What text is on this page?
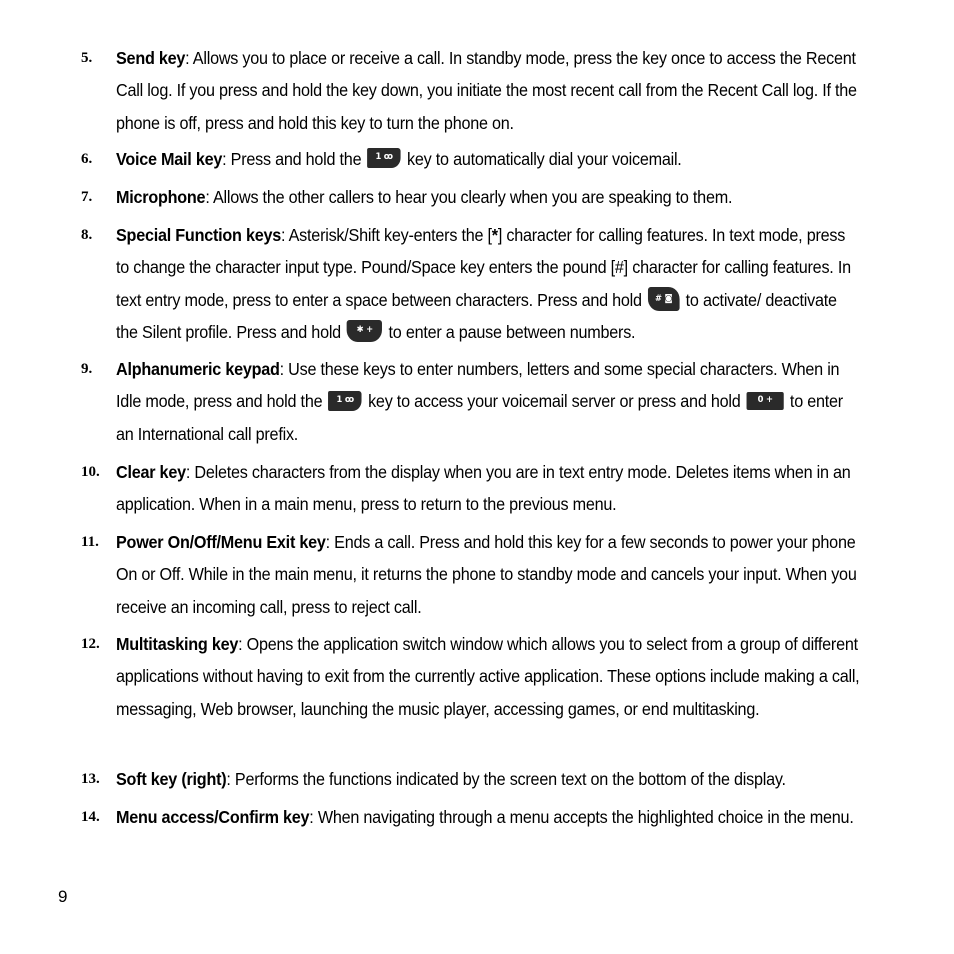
5.	Send key: Allows you to place or receive a call. In standby mode, press the key once to access the Recent Call log. If you press and hold the key down, you initiate the most recent call from the Recent Call log. If the phone is off, press and hold this key to turn the phone on.
6.	Voice Mail key: Press and hold the 1 ꝏ key to automatically dial your voicemail.
7.	Microphone: Allows the other callers to hear you clearly when you are speaking to them.
8.	Special Function keys: Asterisk/Shift key-enters the [*] character for calling features. In text mode, press to change the character input type. Pound/Space key enters the pound [#] character for calling features. In text entry mode, press to enter a space between characters. Press and hold # ◙ to activate/ deactivate the Silent profile. Press and hold ✱ + to enter a pause between numbers.
9.	Alphanumeric keypad: Use these keys to enter numbers, letters and some special characters. When in Idle mode, press and hold the 1 ꝏ key to access your voicemail server or press and hold 0 + to enter an International call prefix.
10. Clear key: Deletes characters from the display when you are in text entry mode. Deletes items when in an application. When in a main menu, press to return to the previous menu.
11. Power On/Off/Menu Exit key: Ends a call. Press and hold this key for a few seconds to power your phone On or Off. While in the main menu, it returns the phone to standby mode and cancels your input. When you receive an incoming call, press to reject call.
12. Multitasking key: Opens the application switch window which allows you to select from a group of different applications without having to exit from the currently active application. These options include making a call, messaging, Web browser, launching the music player, accessing games, or end multitasking.
13. Soft key (right): Performs the functions indicated by the screen text on the bottom of the display.
14. Menu access/Confirm key: When navigating through a menu accepts the highlighted choice in the menu.
9
